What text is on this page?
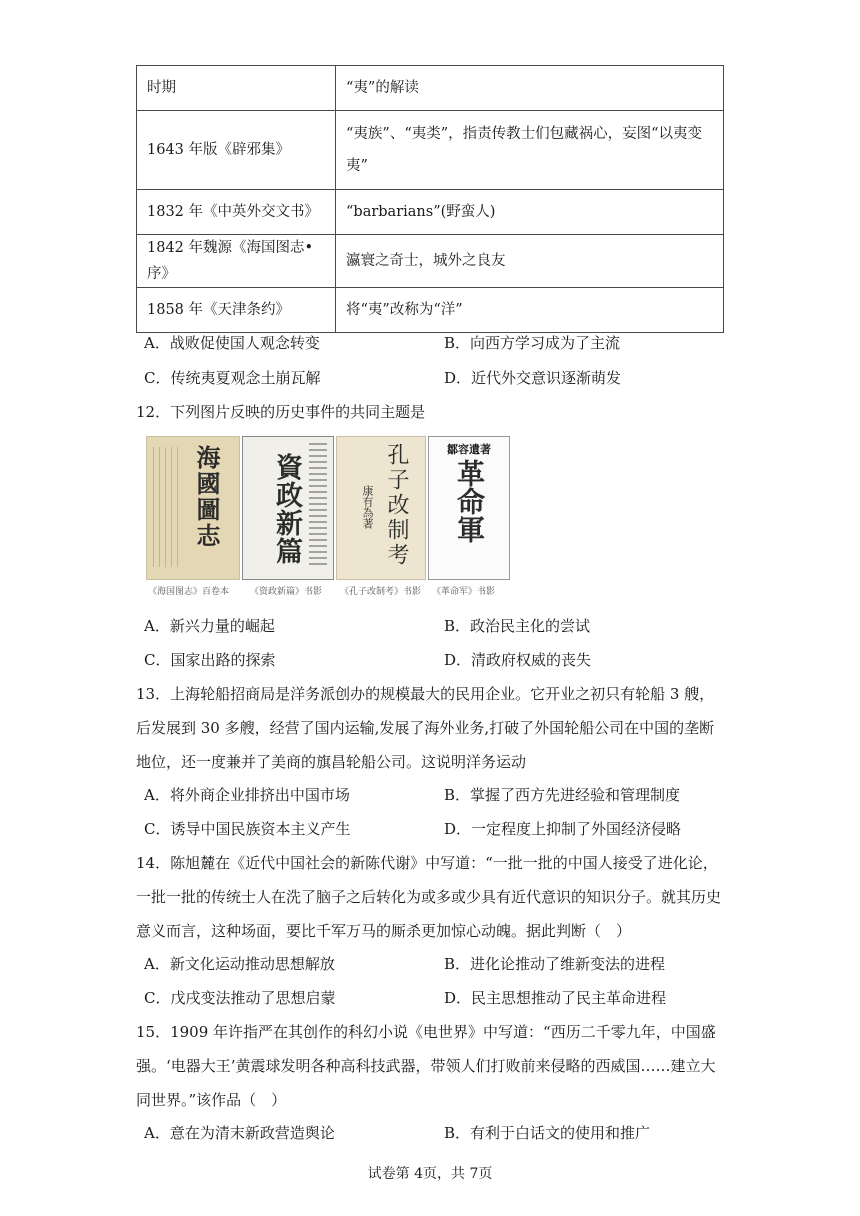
时期	“夷”的解读
1643 年版《辟邪集》	“夷族”、“夷类”，指责传教士们包藏祸心，妄图“以夷变夷”
1832 年《中英外交文书》	“barbarians”(野蛮人)
1842 年魏源《海国图志•序》	瀛寰之奇士，城外之良友
1858 年《天津条约》	将“夷”改称为“洋”
A．战败促使国人观念转变	B．向西方学习成为了主流
C．传统夷夏观念土崩瓦解	D．近代外交意识逐渐萌发
12．下列图片反映的历史事件的共同主题是
海國圖志
《海国图志》百卷本
資政新篇
《资政新篇》书影
孔子改制考
康有為著
《孔子改制考》书影
革命軍
鄒容遺著
《革命军》书影
A．新兴力量的崛起	B．政治民主化的尝试
C．国家出路的探索	D．清政府权威的丧失
13．上海轮船招商局是洋务派创办的规模最大的民用企业。它开业之初只有轮船 3 艘，后发展到 30 多艘，经营了国内运输,发展了海外业务,打破了外国轮船公司在中国的垄断地位，还一度兼并了美商的旗昌轮船公司。这说明洋务运动
A．将外商企业排挤出中国市场	B．掌握了西方先进经验和管理制度
C．诱导中国民族资本主义产生	D．一定程度上抑制了外国经济侵略
14．陈旭麓在《近代中国社会的新陈代谢》中写道：“一批一批的中国人接受了进化论，一批一批的传统士人在洗了脑子之后转化为或多或少具有近代意识的知识分子。就其历史意义而言，这种场面，要比千军万马的厮杀更加惊心动魄。据此判断（　）
A．新文化运动推动思想解放	B．进化论推动了维新变法的进程
C．戊戌变法推动了思想启蒙	D．民主思想推动了民主革命进程
15．1909 年许指严在其创作的科幻小说《电世界》中写道：“西历二千零九年，中国盛强。‘电器大王’黄震球发明各种高科技武器，带领人们打败前来侵略的西威国……建立大同世界。”该作品（　）
A．意在为清末新政营造舆论	B．有利于白话文的使用和推广
试卷第 4页，共 7页
